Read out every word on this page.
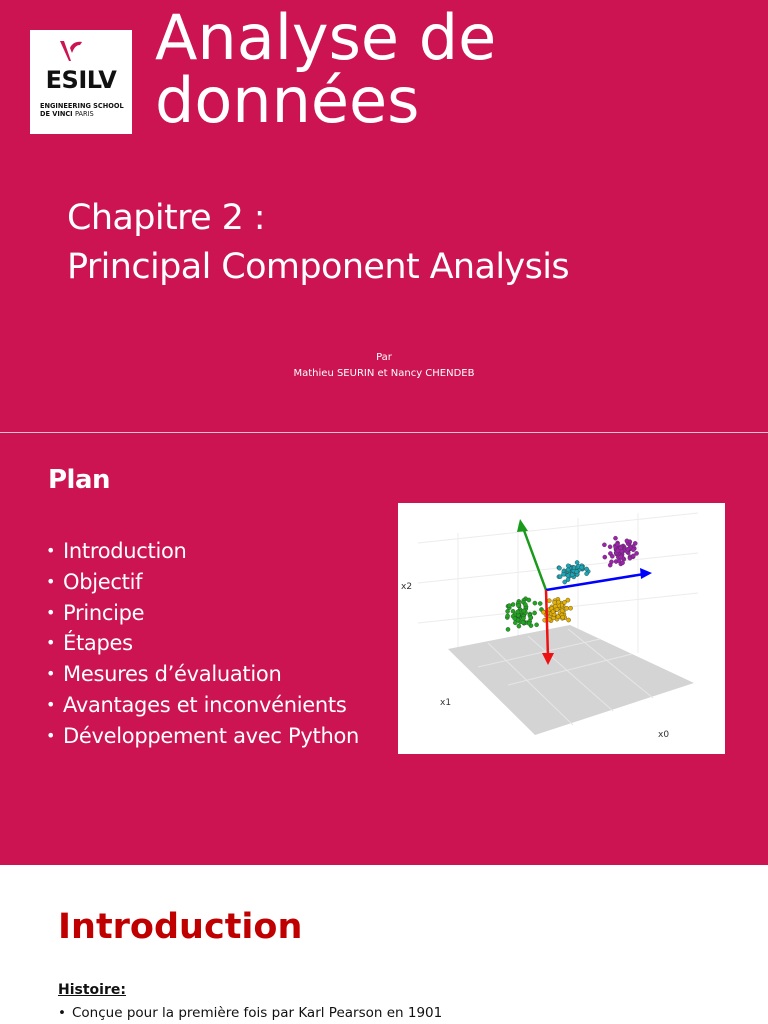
ESILV
ENGINEERING SCHOOL
DE VINCI PARIS
Analyse de données
Chapitre 2 :
Principal Component Analysis
Par
Mathieu SEURIN et Nancy CHENDEB
Plan
• Introduction
• Objectif
• Principe
• Étapes
• Mesures d’évaluation
• Avantages et inconvénients
• Développement avec Python
x2
x1
x0
Introduction
Histoire:
• Conçue pour la première fois par Karl Pearson en 1901
